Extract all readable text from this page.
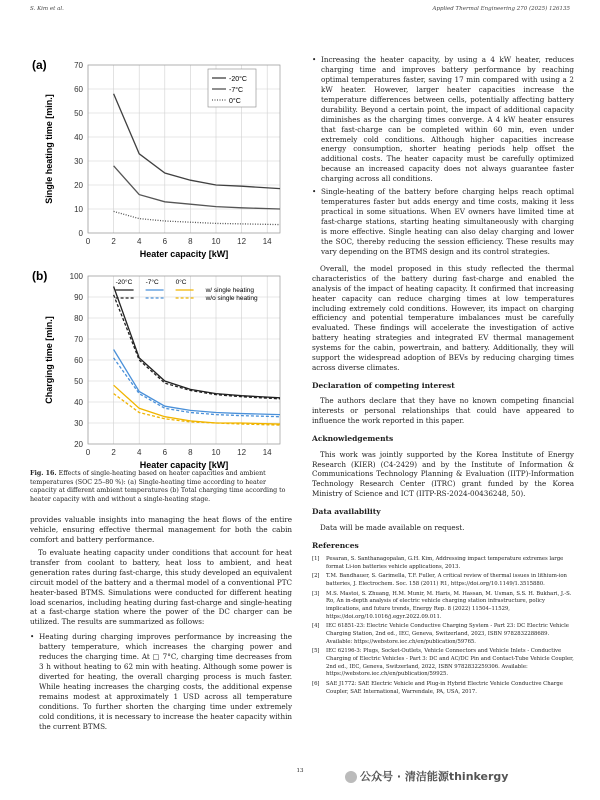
S. Kim et al.	Applied Thermal Engineering 270 (2025) 126135
(a)
0
10
20
30
40
50
60
70
0	2	4	6	8 10 12 14
Heater capacity [kW]
Single heating time [min.]
-20°C
-7°C
0°C
(b)
20
30
40
50
60
70
80
90
100
0	2	4	6	8 10 12 14
Heater capacity [kW]
Charging time [min.]
-20°C -7°C	0°C
w/ single heating
w/o single heating
Fig. 16. Effects of single-heating based on heater capacities and ambient temperatures (SOC 25–80 %): (a) Single-heating time according to heater capacity at different ambient temperatures (b) Total charging time according to heater capacity with and without a single-heating stage.

provides valuable insights into managing the heat flows of the entire vehicle, ensuring effective thermal management for both the cabin comfort and battery performance.

To evaluate heating capacity under conditions that account for heat transfer from coolant to battery, heat loss to ambient, and heat generation rates during fast-charge, this study developed an equivalent circuit model of the battery and a thermal model of a conventional PTC heater-based BTMS. Simulations were conducted for different heating load scenarios, including heating during fast-charge and single-heating at a fast-charge station where the power of the DC charger can be utilized. The results are summarized as follows:

• Heating during charging improves performance by increasing the battery temperature, which increases the charging power and reduces the charging time. At □ 7°C, charging time decreases from 3 h without heating to 62 min with heating. Although some power is diverted for heating, the overall charging process is much faster. While heating increases the charging costs, the additional expense remains modest at approximately 1 USD across all temperature conditions. To further shorten the charging time under extremely cold conditions, it is necessary to increase the heater capacity within the current BTMS.
• Increasing the heater capacity, by using a 4 kW heater, reduces charging time and improves battery performance by reaching optimal temperatures faster, saving 17 min compared with using a 2 kW heater. However, larger heater capacities increase the temperature differences between cells, potentially affecting battery durability. Beyond a certain point, the impact of additional capacity diminishes as the charging times converge. A 4 kW heater ensures that fast-charge can be completed within 60 min, even under extremely cold conditions. Although higher capacities increase energy consumption, shorter heating periods help offset the additional costs. The heater capacity must be carefully optimized because an increased capacity does not always guarantee faster charging across all conditions.
• Single-heating of the battery before charging helps reach optimal temperatures faster but adds energy and time costs, making it less practical in some situations. When EV owners have limited time at fast-charge stations, starting heating simultaneously with charging is more effective. Single heating can also delay charging and lower the SOC, thereby reducing the session efficiency. These results may vary depending on the BTMS design and its control strategies.

Overall, the model proposed in this study reflected the thermal characteristics of the battery during fast-charge and enabled the analysis of the impact of heating capacity. It confirmed that increasing heater capacity can reduce charging times at low temperatures including extremely cold conditions. However, its impact on charging efficiency and potential temperature imbalances must be carefully evaluated. These findings will accelerate the investigation of active battery heating strategies and integrated EV thermal management systems for the cabin, powertrain, and battery. Additionally, they will support the widespread adoption of BEVs by reducing charging times across diverse climates.

Declaration of competing interest

The authors declare that they have no known competing financial interests or personal relationships that could have appeared to influence the work reported in this paper.

Acknowledgements

This work was jointly supported by the Korea Institute of Energy Research (KIER) (C4-2429) and by the Institute of Information & Communications Technology Planning & Evaluation (IITP)-Information Technology Research Center (ITRC) grant funded by the Korea Ministry of Science and ICT (IITP-RS-2024-00436248, 50).

Data availability

Data will be made available on request.

References
[1] Pesaran, S. Santhanagopalan, G.H. Kim, Addressing impact temperature extremes large format Li-ion batteries vehicle applications, 2013.
[2] T.M. Bandhauer, S. Garimella, T.F. Fuller, A critical review of thermal issues in lithium-ion batteries, J. Electrochem. Soc. 158 (2011) R1, https://doi.org/10.1149/1.3515880.
[3] M.S. Mastoi, S. Zhuang, H.M. Munir, M. Haris, M. Hassan, M. Usman, S.S. H. Bukhari, J.-S. Ro, An in-depth analysis of electric vehicle charging station infrastructure, policy implications, and future trends, Energy Rep. 8 (2022) 11504–11529, https://doi.org/10.1016/j.egyr.2022.09.011.
[4] IEC 61851-23: Electric Vehicle Conductive Charging System - Part 23: DC Electric Vehicle Charging Station, 2nd ed., IEC, Geneva, Switzerland, 2023, ISBN 9782832288689. Available: https://webstore.iec.ch/en/publication/59765.
[5] IEC 62196-3: Plugs, Socket-Outlets, Vehicle Connectors and Vehicle Inlets - Conductive Charging of Electric Vehicles - Part 3: DC and AC/DC Pin and Contact-Tube Vehicle Coupler, 2nd ed., IEC, Geneva, Switzerland, 2022, ISBN 9782832259306. Available: https://webstore.iec.ch/en/publication/59925.
[6] SAE J1772: SAE Electric Vehicle and Plug-in Hybrid Electric Vehicle Conductive Charge Coupler, SAE International, Warrendale, PA, USA, 2017.
13	公众号 · 清洁能源thinkergy
